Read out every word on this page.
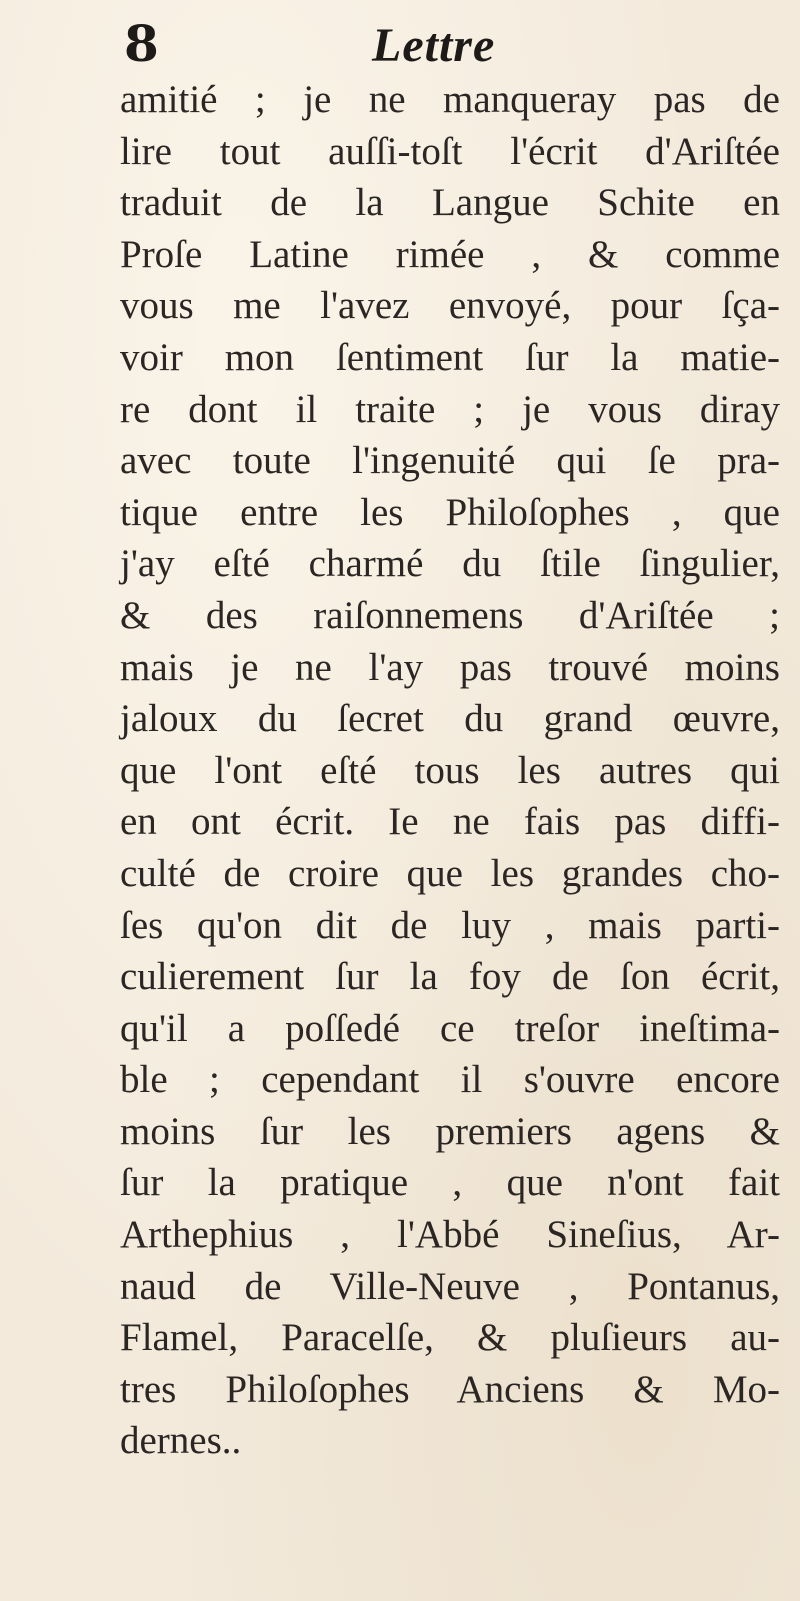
8	Lettre
amitié ; je ne manqueray pas de
lire tout auſſi-toſt l'écrit d'Ariſtée
traduit de la Langue Schite en
Proſe Latine rimée , & comme
vous me l'avez envoyé, pour ſça-
voir mon ſentiment ſur la matie-
re dont il traite ; je vous diray
avec toute l'ingenuité qui ſe pra-
tique entre les Philoſophes , que
j'ay eſté charmé du ſtile ſingulier,
& des raiſonnemens d'Ariſtée ;
mais je ne l'ay pas trouvé moins
jaloux du ſecret du grand œuvre,
que l'ont eſté tous les autres qui
en ont écrit. Ie ne fais pas diffi-
culté de croire que les grandes cho-
ſes qu'on dit de luy , mais parti-
culierement ſur la foy de ſon écrit,
qu'il a poſſedé ce treſor ineſtima-
ble ; cependant il s'ouvre encore
moins ſur les premiers agens &
ſur la pratique , que n'ont fait
Arthephius , l'Abbé Sineſius, Ar-
naud de Ville-Neuve , Pontanus,
Flamel, Paracelſe, & pluſieurs au-
tres Philoſophes Anciens & Mo-
dernes..
